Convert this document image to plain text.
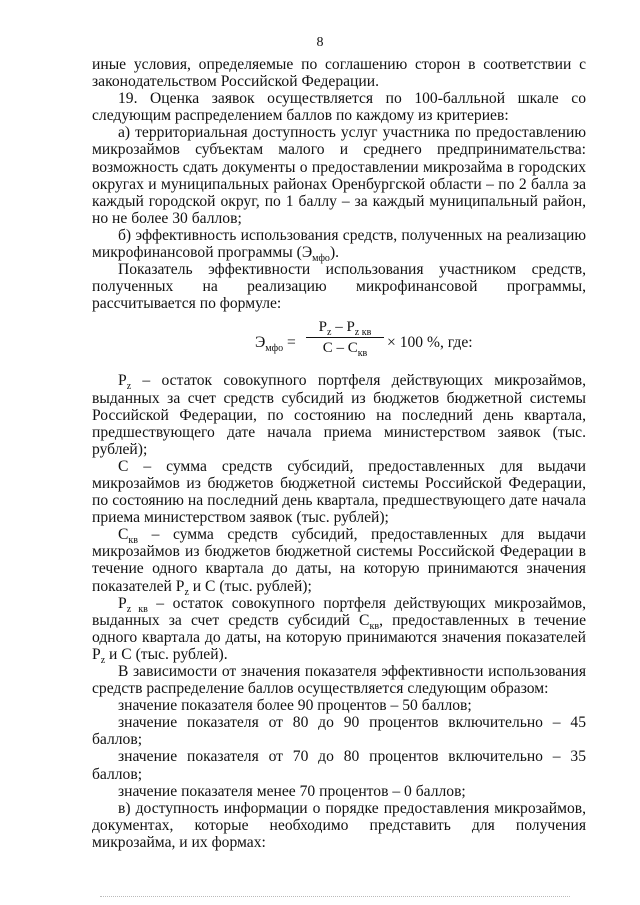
8

иные условия, определяемые по соглашению сторон в соответствии с законодательством Российской Федерации.

19. Оценка заявок осуществляется по 100-балльной шкале со следующим распределением баллов по каждому из критериев:

а) территориальная доступность услуг участника по предоставлению микрозаймов субъектам малого и среднего предпринимательства: возможность сдать документы о предоставлении микрозайма в городских округах и муниципальных районах Оренбургской области – по 2 балла за каждый городской округ, по 1 баллу – за каждый муниципальный район, но не более 30 баллов;

б) эффективность использования средств, полученных на реализацию микрофинансовой программы $(Э_{мфо})$.

Показатель эффективности использования участником средств, полученных на реализацию микрофинансовой программы, рассчитывается по формуле:

$Э_{мфо}$ =
$P_z - P_{z кв}$
C – $C_{кв}$
× 100 %, где:

$P_z$ – остаток совокупного портфеля действующих микрозаймов, выданных за счет средств субсидий из бюджетов бюджетной системы Российской Федерации, по состоянию на последний день квартала, предшествующего дате начала приема министерством заявок (тыс. рублей);

С – сумма средств субсидий, предоставленных для выдачи микрозаймов из бюджетов бюджетной системы Российской Федерации, по состоянию на последний день квартала, предшествующего дате начала приема министерством заявок (тыс. рублей);

$С_{кв}$ – сумма средств субсидий, предоставленных для выдачи микрозаймов из бюджетов бюджетной системы Российской Федерации в течение одного квартала до даты, на которую принимаются значения показателей $P_z$ и С (тыс. рублей);

$P_{z кв}$ – остаток совокупного портфеля действующих микрозаймов, выданных за счет средств субсидий $С_{кв}$, предоставленных в течение одного квартала до даты, на которую принимаются значения показателей $P_z$ и С (тыс. рублей).

В зависимости от значения показателя эффективности использования средств распределение баллов осуществляется следующим образом:

значение показателя более 90 процентов – 50 баллов;

значение показателя от 80 до 90 процентов включительно – 45 баллов;

значение показателя от 70 до 80 процентов включительно – 35 баллов;

значение показателя менее 70 процентов – 0 баллов;

в) доступность информации о порядке предоставления микрозаймов, документах, которые необходимо представить для получения микрозайма, и их формах:
